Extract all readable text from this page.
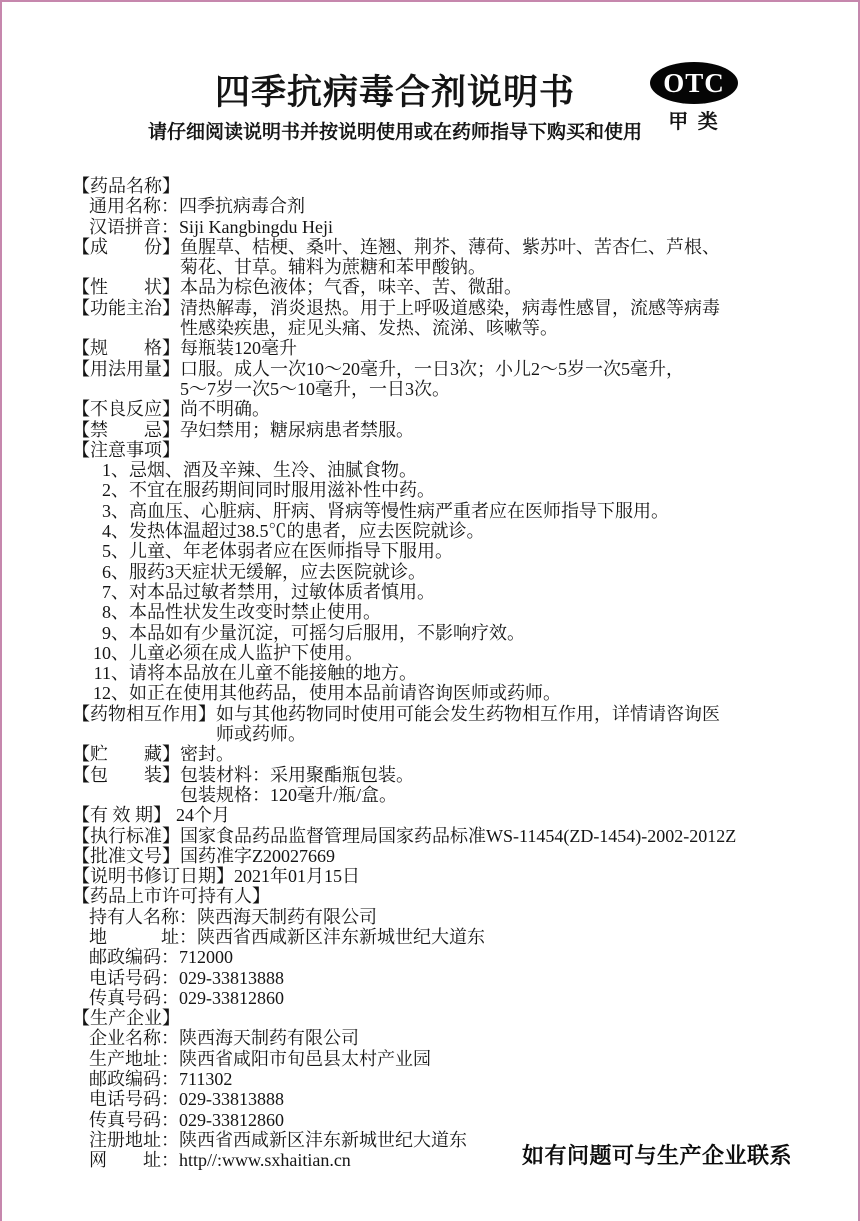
四季抗病毒合剂说明书
请仔细阅读说明书并按说明使用或在药师指导下购买和使用
OTC
甲 类
【药品名称】
通用名称：四季抗病毒合剂
汉语拼音：Siji Kangbingdu Heji
【成　　份】 鱼腥草、桔梗、桑叶、连翘、荆芥、薄荷、紫苏叶、苦杏仁、芦根、
菊花、甘草。辅料为蔗糖和苯甲酸钠。
【性　　状】 本品为棕色液体；气香，味辛、苦、微甜。
【功能主治】 清热解毒，消炎退热。用于上呼吸道感染，病毒性感冒，流感等病毒
性感染疾患，症见头痛、发热、流涕、咳嗽等。
【规　　格】 每瓶装120毫升
【用法用量】 口服。成人一次10～20毫升，一日3次；小儿2～5岁一次5毫升，
5～7岁一次5～10毫升，一日3次。
【不良反应】 尚不明确。
【禁　　忌】 孕妇禁用；糖尿病患者禁服。
【注意事项】
1、 忌烟、酒及辛辣、生冷、油腻食物。
2、 不宜在服药期间同时服用滋补性中药。
3、 高血压、心脏病、肝病、肾病等慢性病严重者应在医师指导下服用。
4、 发热体温超过38.5℃的患者，应去医院就诊。
5、 儿童、年老体弱者应在医师指导下服用。
6、 服药3天症状无缓解，应去医院就诊。
7、 对本品过敏者禁用，过敏体质者慎用。
8、 本品性状发生改变时禁止使用。
9、 本品如有少量沉淀，可摇匀后服用，不影响疗效。
10、 儿童必须在成人监护下使用。
11、 请将本品放在儿童不能接触的地方。
12、 如正在使用其他药品，使用本品前请咨询医师或药师。
【药物相互作用】 如与其他药物同时使用可能会发生药物相互作用，详情请咨询医
师或药师。
【贮　　藏】 密封。
【包　　装】 包装材料：采用聚酯瓶包装。
包装规格：120毫升/瓶/盒。
【有 效 期】 24个月
【执行标准】 国家食品药品监督管理局国家药品标准WS-11454(ZD-1454)-2002-2012Z
【批准文号】 国药准字Z20027669
【说明书修订日期】 2021年01月15日
【药品上市许可持有人】
持有人名称：陕西海天制药有限公司
地　　　址：陕西省西咸新区沣东新城世纪大道东
邮政编码：712000
电话号码：029-33813888
传真号码：029-33812860
【生产企业】
企业名称：陕西海天制药有限公司
生产地址：陕西省咸阳市旬邑县太村产业园
邮政编码：711302
电话号码：029-33813888
传真号码：029-33812860
注册地址：陕西省西咸新区沣东新城世纪大道东
网　　址：http//:www.sxhaitian.cn	如有问题可与生产企业联系
